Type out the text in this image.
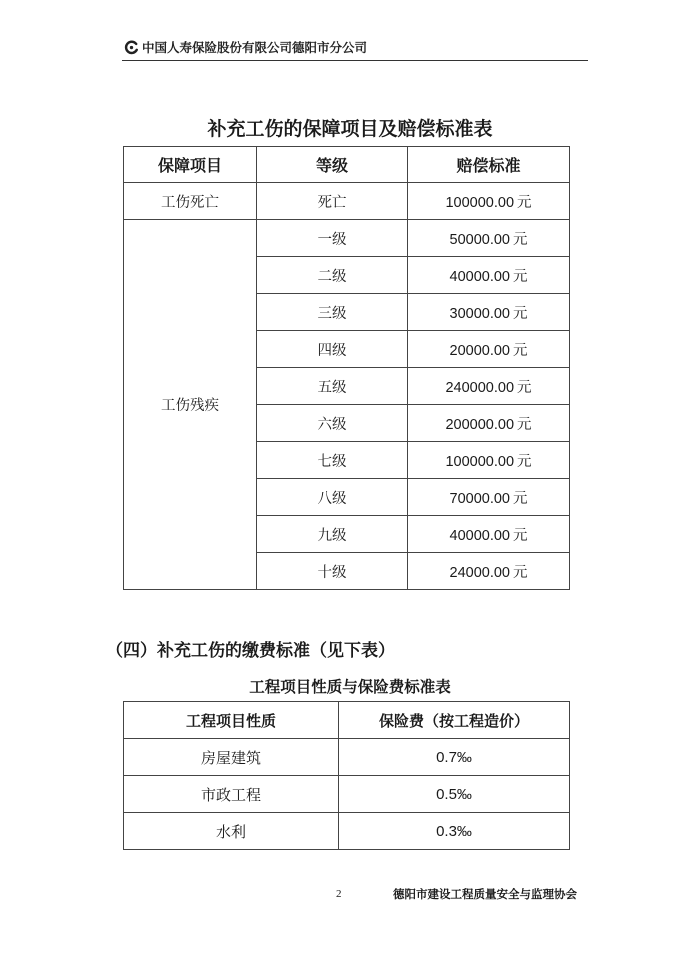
中国人寿保险股份有限公司德阳市分公司
补充工伤的保障项目及赔偿标准表
保障项目	等级	赔偿标准
工伤死亡	死亡	100000.00 元
工伤残疾	一级	50000.00 元
	二级	40000.00 元
	三级	30000.00 元
	四级	20000.00 元
	五级	240000.00 元
	六级	200000.00 元
	七级	100000.00 元
	八级	70000.00 元
	九级	40000.00 元
	十级	24000.00 元
（四）补充工伤的缴费标准（见下表）
工程项目性质与保险费标准表
工程项目性质	保险费（按工程造价）
房屋建筑	0.7‰
市政工程	0.5‰
水利	0.3‰
2	德阳市建设工程质量安全与监理协会
